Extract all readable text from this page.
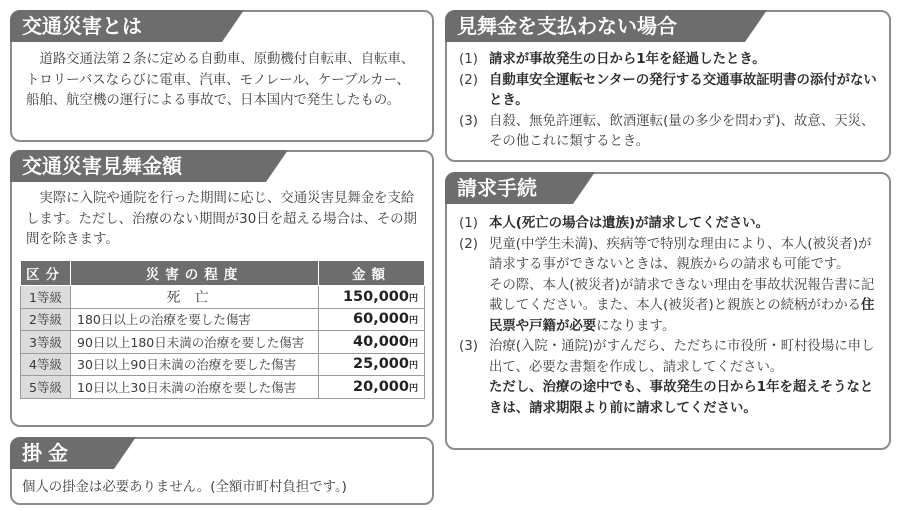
交通災害とは

道路交通法第２条に定める自動車、原動機付自転車、自転車、トロリーバスならびに電車、汽車、モノレール、ケーブルカー、船舶、航空機の運行による事故で、日本国内で発生したもの。

交通災害見舞金額

実際に入院や通院を行った期間に応じ、交通災害見舞金を支給します。ただし、治療のない期間が30日を超える場合は、その期間を除きます。

区分	災害の程度	金額
1等級	死亡	150,000円
2等級	180日以上の治療を要した傷害	60,000円
3等級	90日以上180日未満の治療を要した傷害	40,000円
4等級	30日以上90日未満の治療を要した傷害	25,000円
5等級	10日以上30日未満の治療を要した傷害	20,000円
掛金

個人の掛金は必要ありません。(全額市町村負担です。)

見舞金を支払わない場合
(1) 請求が事故発生の日から1年を経過したとき。
(2) 自動車安全運転センターの発行する交通事故証明書の添付がないとき。
(3) 自殺、無免許運転、飲酒運転(量の多少を問わず)、故意、天災、その他これに類するとき。
請求手続
(1) 本人(死亡の場合は遺族)が請求してください。
(2) 児童(中学生未満)、疾病等で特別な理由により、本人(被災者)が請求する事ができないときは、親族からの請求も可能です。
その際、本人(被災者)が請求できない理由を事故状況報告書に記載してください。また、本人(被災者)と親族との続柄がわかる住民票や戸籍が必要になります。
(3) 治療(入院・通院)がすんだら、ただちに市役所・町村役場に申し出て、必要な書類を作成し、請求してください。
ただし、治療の途中でも、事故発生の日から1年を超えそうなときは、請求期限より前に請求してください。
